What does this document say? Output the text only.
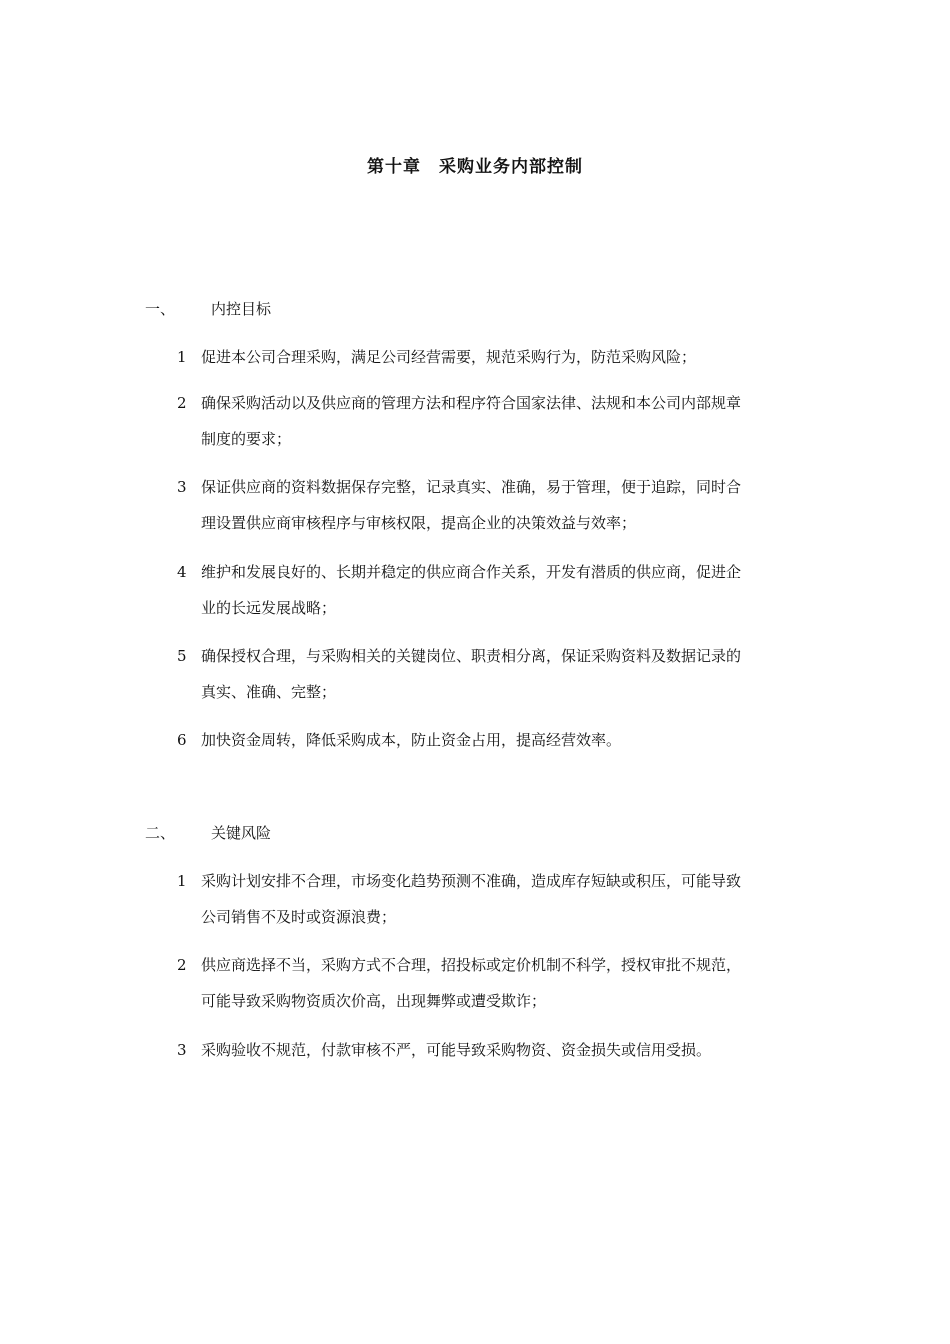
第十章　采购业务内部控制
一、 内控目标
1 促进本公司合理采购，满足公司经营需要，规范采购行为，防范采购风险；
2 确保采购活动以及供应商的管理方法和程序符合国家法律、法规和本公司内部规章
制度的要求；
3 保证供应商的资料数据保存完整，记录真实、准确，易于管理，便于追踪，同时合
理设置供应商审核程序与审核权限，提高企业的决策效益与效率；
4 维护和发展良好的、长期并稳定的供应商合作关系，开发有潜质的供应商，促进企
业的长远发展战略；
5 确保授权合理，与采购相关的关键岗位、职责相分离，保证采购资料及数据记录的
真实、准确、完整；
6 加快资金周转，降低采购成本，防止资金占用，提高经营效率。
二、 关键风险
1 采购计划安排不合理，市场变化趋势预测不准确，造成库存短缺或积压，可能导致
公司销售不及时或资源浪费；
2 供应商选择不当，采购方式不合理，招投标或定价机制不科学，授权审批不规范，
可能导致采购物资质次价高，出现舞弊或遭受欺诈；
3 采购验收不规范，付款审核不严，可能导致采购物资、资金损失或信用受损。
